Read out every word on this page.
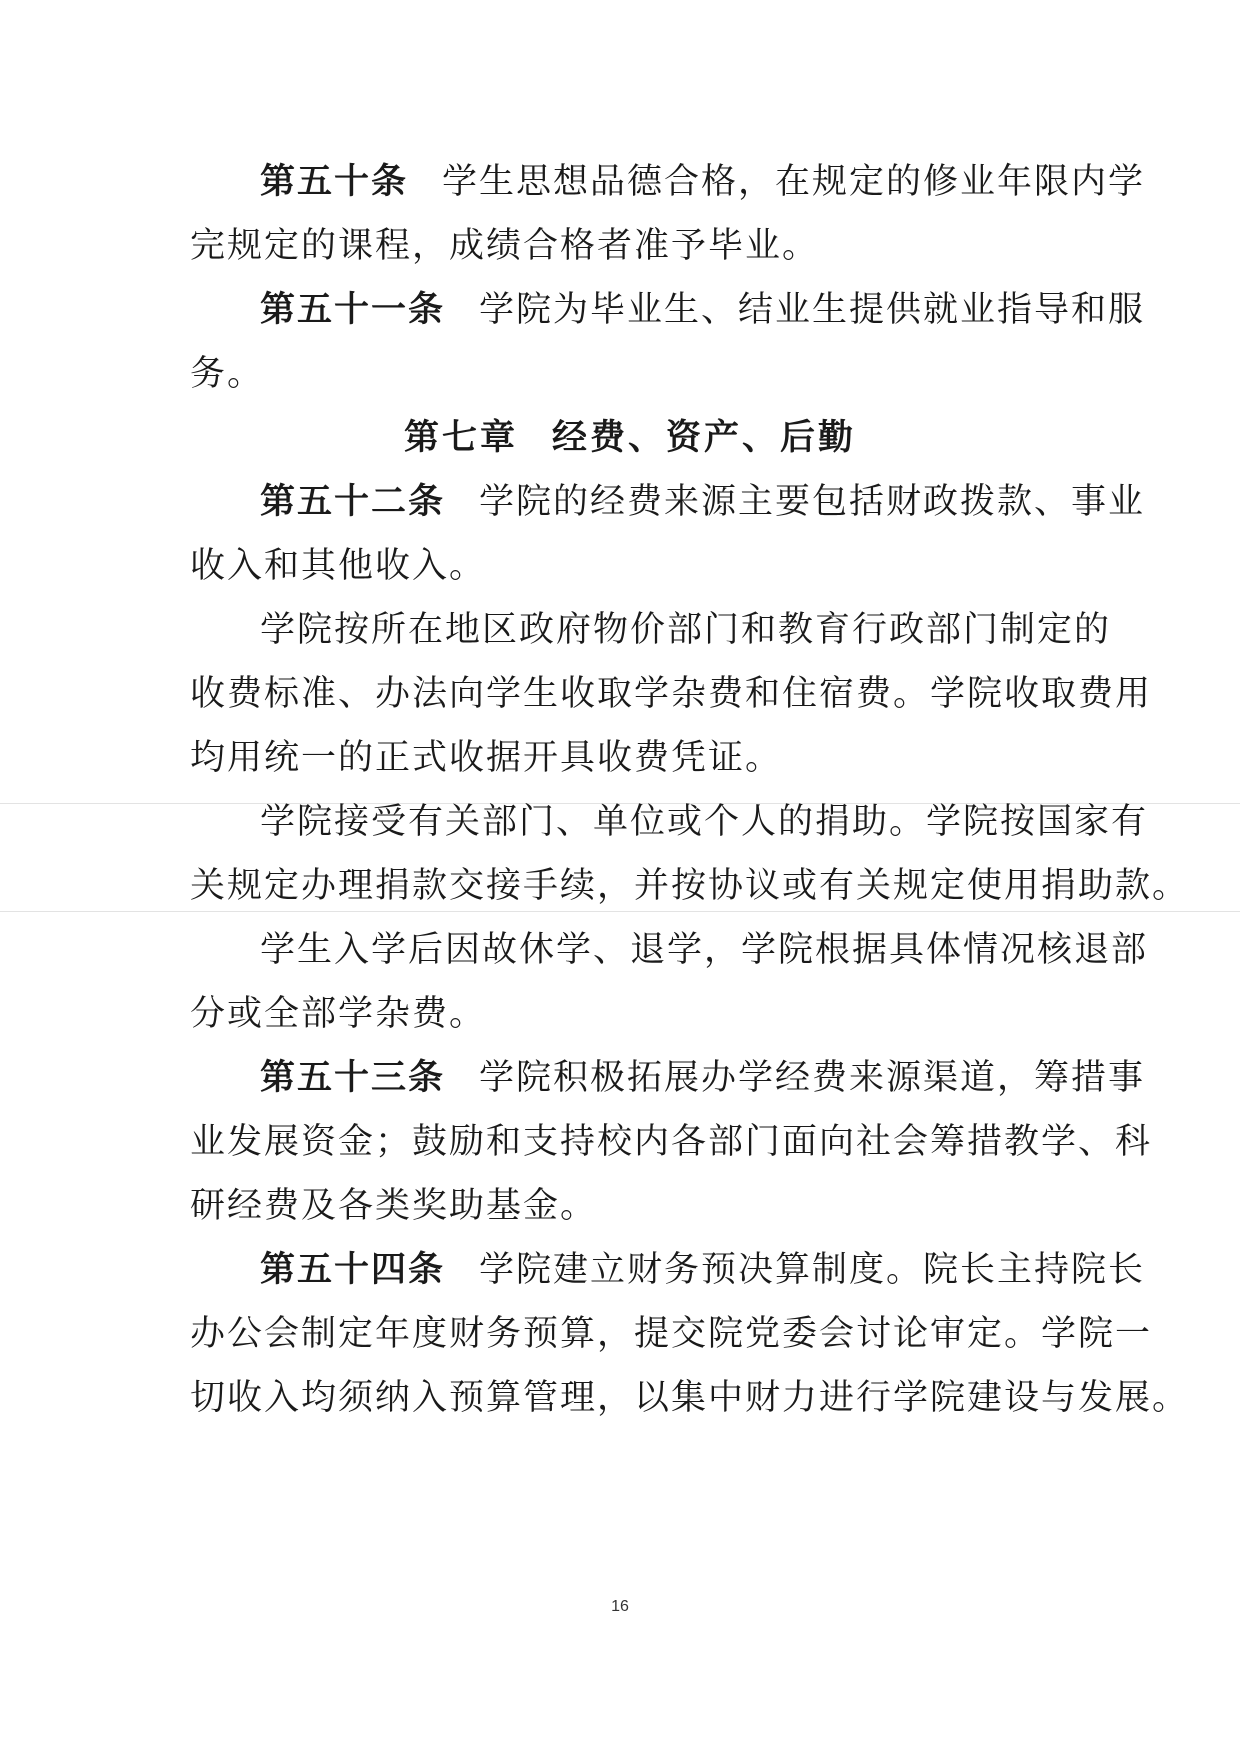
第五十条 学生思想品德合格，在规定的修业年限内学
完规定的课程，成绩合格者准予毕业。
第五十一条 学院为毕业生、结业生提供就业指导和服
务。
第七章 经费、资产、后勤
第五十二条 学院的经费来源主要包括财政拨款、事业
收入和其他收入。
学院按所在地区政府物价部门和教育行政部门制定的
收费标准、办法向学生收取学杂费和住宿费。学院收取费用
均用统一的正式收据开具收费凭证。
学院接受有关部门、单位或个人的捐助。学院按国家有
关规定办理捐款交接手续，并按协议或有关规定使用捐助款。
学生入学后因故休学、退学，学院根据具体情况核退部
分或全部学杂费。
第五十三条 学院积极拓展办学经费来源渠道，筹措事
业发展资金；鼓励和支持校内各部门面向社会筹措教学、科
研经费及各类奖助基金。
第五十四条 学院建立财务预决算制度。院长主持院长
办公会制定年度财务预算，提交院党委会讨论审定。学院一
切收入均须纳入预算管理，以集中财力进行学院建设与发展。
16
